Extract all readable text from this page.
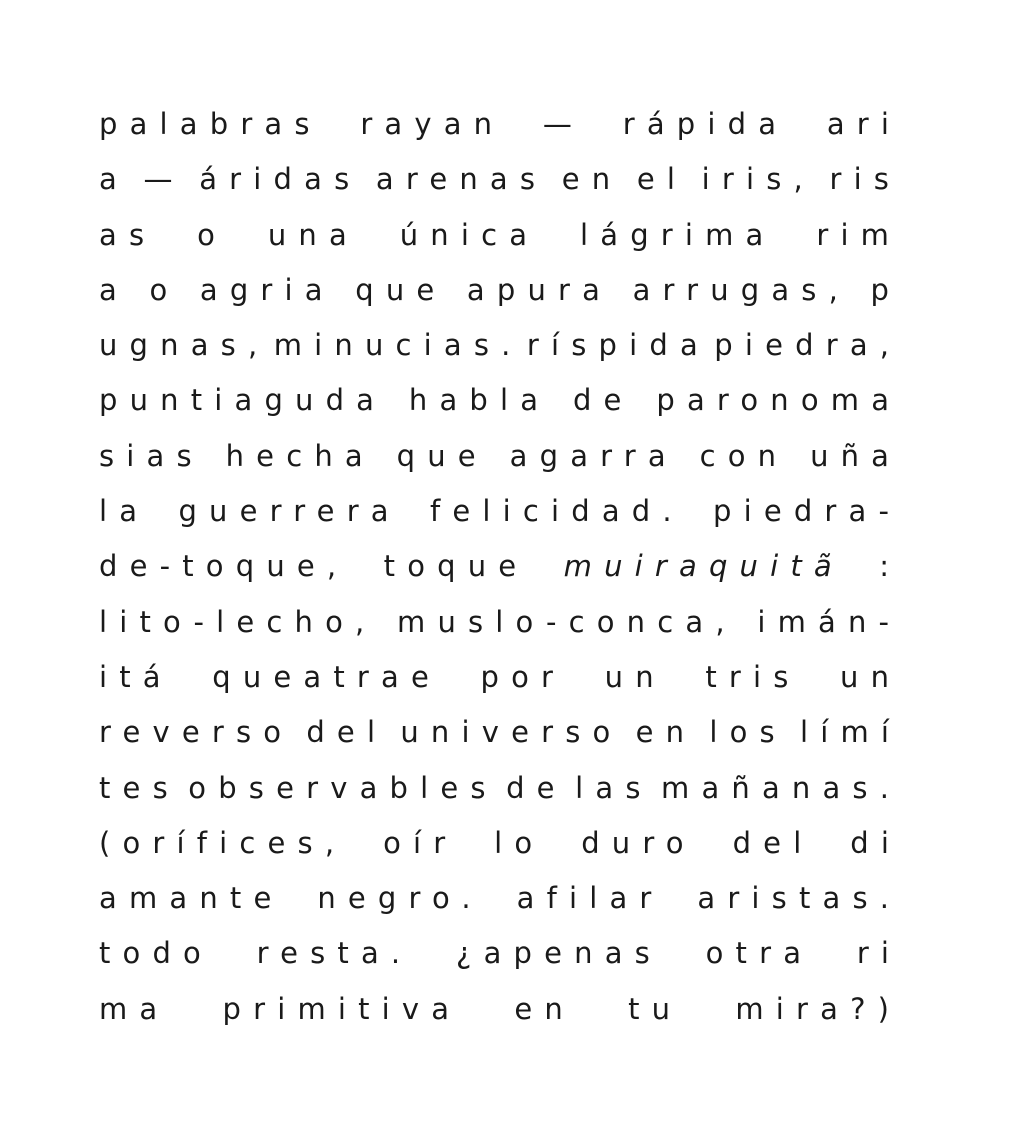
palabras rayan — rápida ari
a — áridas arenas en el iris, ris
as o una única lágrima rim
a o agria que apura arrugas, p
ugnas, minucias. ríspida piedra,
puntiaguda habla de paronoma
sias hecha que agarra con uña
la guerrera felicidad. piedra-
de-toque, toque muiraquitã :
lito-lecho, muslo-conca, imán-
itá queatrae por un tris un
reverso del universo en los límí
tes observables de las mañanas.
(orífices, oír lo duro del di
amante negro. afilar aristas.
todo resta. ¿apenas otra ri
ma primitiva en tu mira?)
